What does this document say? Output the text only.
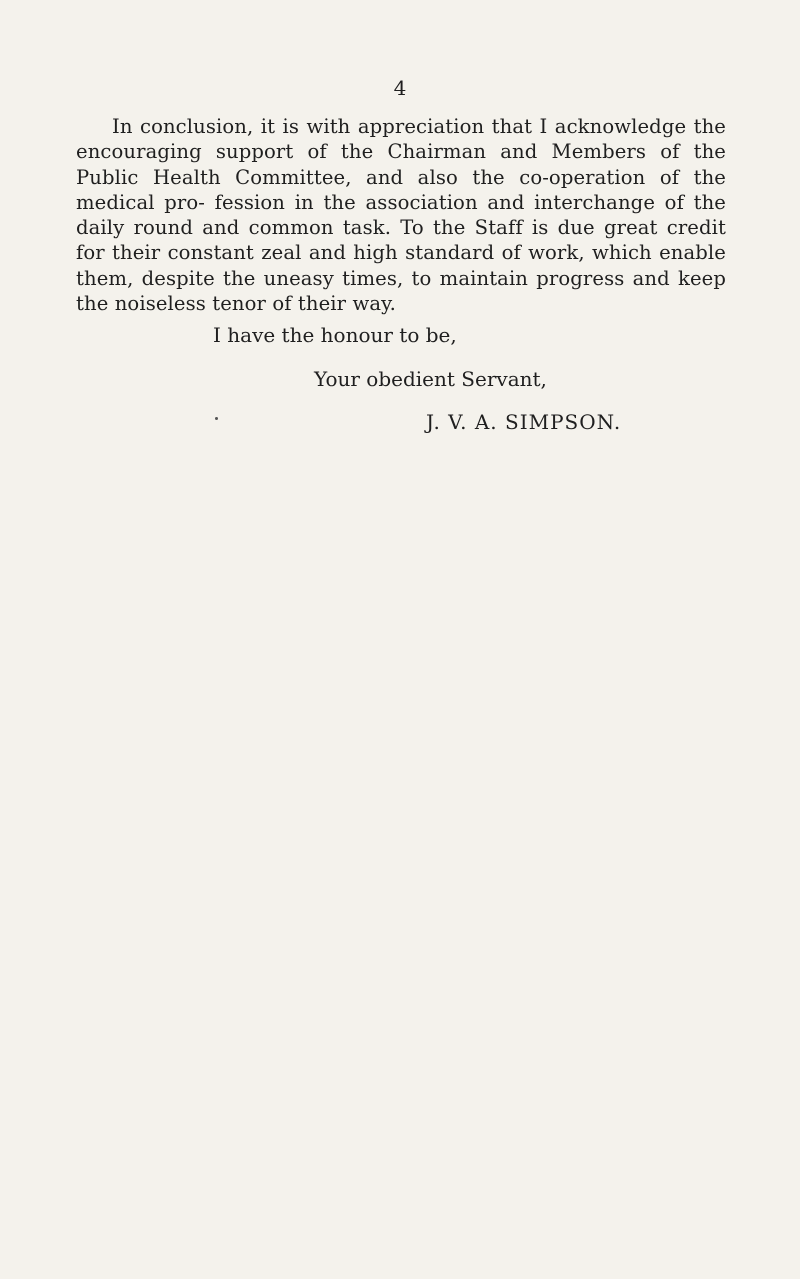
4

In conclusion, it is with appreciation that I acknowledge the encouraging support of the Chairman and Members of the Public Health Committee, and also the co-operation of the medical pro- fession in the association and interchange of the daily round and common task. To the Staff is due great credit for their constant zeal and high standard of work, which enable them, despite the uneasy times, to maintain progress and keep the noiseless tenor of their way.

I have the honour to be,

Your obedient Servant,

J. V. A. SIMPSON.
